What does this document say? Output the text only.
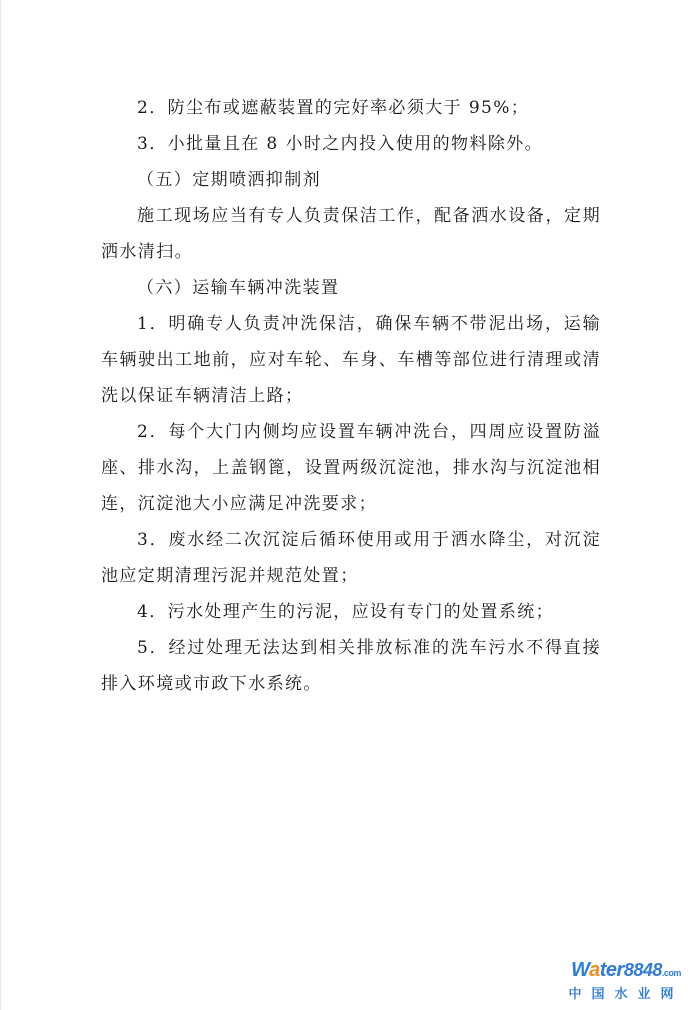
2．防尘布或遮蔽装置的完好率必须大于 95%；

3．小批量且在 8 小时之内投入使用的物料除外。

（五）定期喷洒抑制剂

施工现场应当有专人负责保洁工作，配备洒水设备，定期洒水清扫。

（六）运输车辆冲洗装置

1．明确专人负责冲洗保洁，确保车辆不带泥出场，运输车辆驶出工地前，应对车轮、车身、车槽等部位进行清理或清洗以保证车辆清洁上路；

2．每个大门内侧均应设置车辆冲洗台，四周应设置防溢座、排水沟，上盖钢篦，设置两级沉淀池，排水沟与沉淀池相连，沉淀池大小应满足冲洗要求；

3．废水经二次沉淀后循环使用或用于洒水降尘，对沉淀池应定期清理污泥并规范处置；

4．污水处理产生的污泥，应设有专门的处置系统；

5．经过处理无法达到相关排放标准的洗车污水不得直接排入环境或市政下水系统。

Water8848.com
中国水业网
